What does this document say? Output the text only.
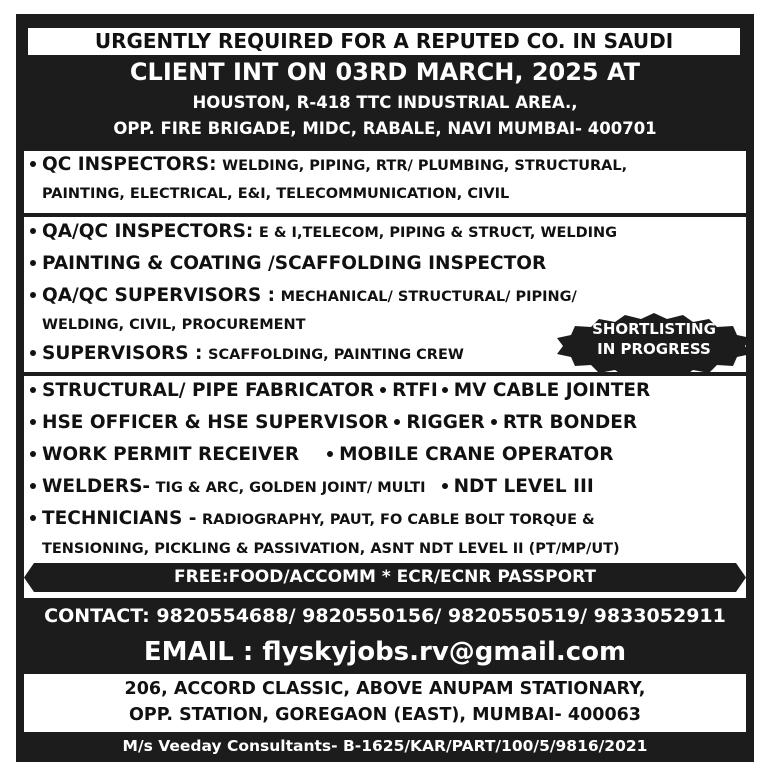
URGENTLY REQUIRED FOR A REPUTED CO. IN SAUDI
CLIENT INT ON 03RD MARCH, 2025 AT
HOUSTON, R-418 TTC INDUSTRIAL AREA.,
OPP. FIRE BRIGADE, MIDC, RABALE, NAVI MUMBAI- 400701
QC INSPECTORS: WELDING, PIPING, RTR/ PLUMBING, STRUCTURAL,
PAINTING, ELECTRICAL, E&I, TELECOMMUNICATION, CIVIL
QA/QC INSPECTORS: E & I,TELECOM, PIPING & STRUCT, WELDING
PAINTING & COATING /SCAFFOLDING INSPECTOR
QA/QC SUPERVISORS : MECHANICAL/ STRUCTURAL/ PIPING/
WELDING, CIVIL, PROCUREMENT
SUPERVISORS : SCAFFOLDING, PAINTING CREW
SHORTLISTING
IN PROGRESS
STRUCTURAL/ PIPE FABRICATOR RTFI MV CABLE JOINTER
HSE OFFICER & HSE SUPERVISOR RIGGER RTR BONDER
WORK PERMIT RECEIVER MOBILE CRANE OPERATOR
WELDERS- TIG & ARC, GOLDEN JOINT/ MULTI NDT LEVEL III
TECHNICIANS - RADIOGRAPHY, PAUT, FO CABLE BOLT TORQUE &
TENSIONING, PICKLING & PASSIVATION, ASNT NDT LEVEL II (PT/MP/UT)
FREE:FOOD/ACCOMM * ECR/ECNR PASSPORT
CONTACT: 9820554688/ 9820550156/ 9820550519/ 9833052911
EMAIL : flyskyjobs.rv@gmail.com
206, ACCORD CLASSIC, ABOVE ANUPAM STATIONARY,
OPP. STATION, GOREGAON (EAST), MUMBAI- 400063
M/s Veeday Consultants- B-1625/KAR/PART/100/5/9816/2021
